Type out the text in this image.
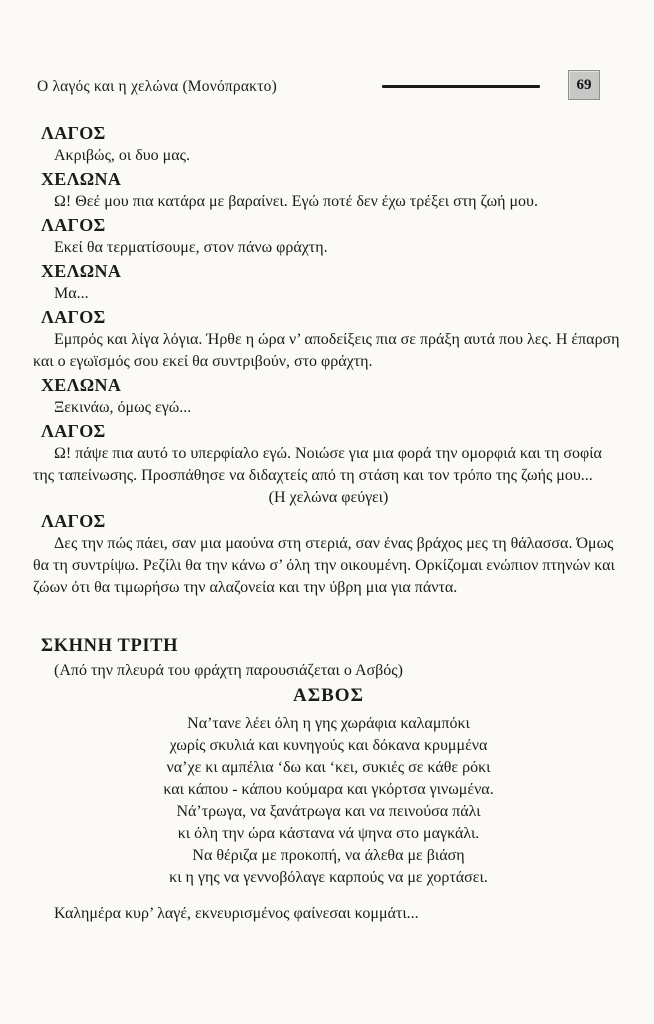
Ο λαγός και η χελώνα (Μονόπρακτο)	69
ΛΑΓΟΣ

Ακριβώς, οι δυο μας.

ΧΕΛΩΝΑ

Ω! Θεέ μου πια κατάρα με βαραίνει. Εγώ ποτέ δεν έχω τρέξει στη ζωή μου.

ΛΑΓΟΣ

Εκεί θα τερματίσουμε, στον πάνω φράχτη.

ΧΕΛΩΝΑ

Μα...

ΛΑΓΟΣ

Εμπρός και λίγα λόγια. Ήρθε η ώρα ν’ αποδείξεις πια σε πράξη αυτά που λες. Η έπαρση και ο εγωϊσμός σου εκεί θα συντριβούν, στο φράχτη.

ΧΕΛΩΝΑ

Ξεκινάω, όμως εγώ...

ΛΑΓΟΣ

Ω! πάψε πια αυτό το υπερφίαλο εγώ. Νοιώσε για μια φορά την ομορφιά και τη σοφία της ταπείνωσης. Προσπάθησε να διδαχτείς από τη στάση και τον τρόπο της ζωής μου...

(Η χελώνα φεύγει)

ΛΑΓΟΣ

Δες την πώς πάει, σαν μια μαούνα στη στεριά, σαν ένας βράχος μες τη θάλασσα. Όμως θα τη συντρίψω. Ρεζίλι θα την κάνω σ’ όλη την οικουμένη. Ορκίζομαι ενώπιον πτηνών και ζώων ότι θα τιμωρήσω την αλαζονεία και την ύβρη μια για πάντα.

ΣΚΗΝΗ ΤΡΙΤΗ

(Από την πλευρά του φράχτη παρουσιάζεται ο Ασβός)

ΑΣΒΟΣ
Να’τανε λέει όλη η γης χωράφια καλαμπόκι
χωρίς σκυλιά και κυνηγούς και δόκανα κρυμμένα
να’χε κι αμπέλια ‘δω και ‘κει, συκιές σε κάθε ρόκι
και κάπου - κάπου κούμαρα και γκόρτσα γινωμένα.
Νά’τρωγα, να ξανάτρωγα και να πεινούσα πάλι
κι όλη την ώρα κάστανα νά ψηνα στο μαγκάλι.
Να θέριζα με προκοπή, να άλεθα με βιάση
κι η γης να γεννοβόλαγε καρπούς να με χορτάσει.

Καλημέρα κυρ’ λαγέ, εκνευρισμένος φαίνεσαι κομμάτι...
